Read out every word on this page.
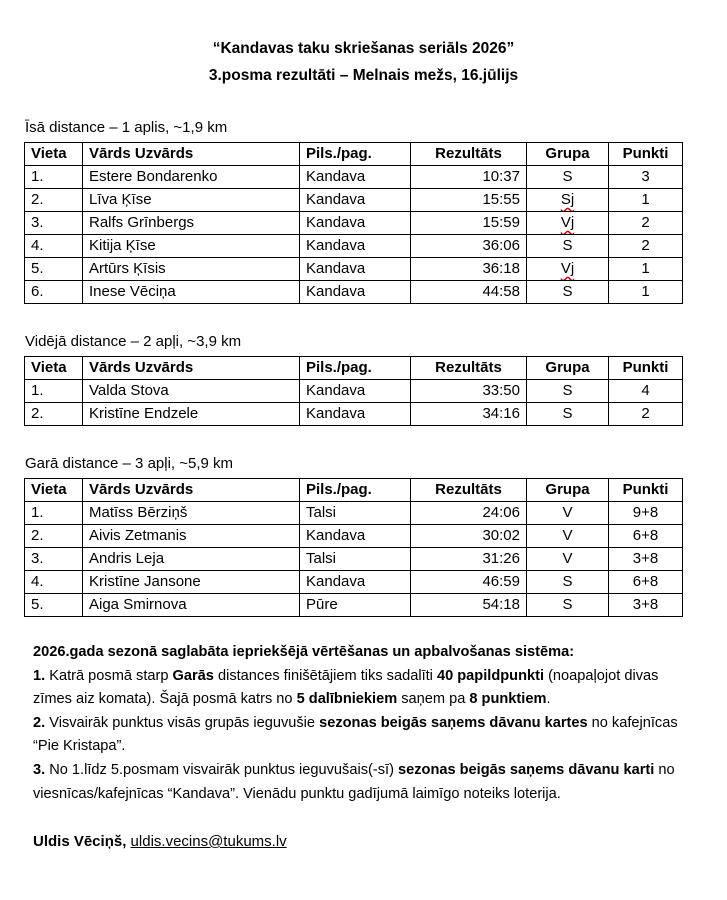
“Kandavas taku skriešanas seriāls 2026”
3.posma rezultāti – Melnais mežs, 16.jūlijs
Īsā distance – 1 aplis, ~1,9 km
Vieta	Vārds Uzvārds	Pils./pag.	Rezultāts	Grupa	Punkti
1.	Estere Bondarenko	Kandava	10:37	S	3
2.	Līva Ķīse	Kandava	15:55	Sj	1
3.	Ralfs Grīnbergs	Kandava	15:59	Vj	2
4.	Kitija Ķīse	Kandava	36:06	S	2
5.	Artūrs Ķīsis	Kandava	36:18	Vj	1
6.	Inese Vēciņa	Kandava	44:58	S	1
Vidējā distance – 2 apļi, ~3,9 km
Vieta	Vārds Uzvārds	Pils./pag.	Rezultāts	Grupa	Punkti
1.	Valda Stova	Kandava	33:50	S	4
2.	Kristīne Endzele	Kandava	34:16	S	2
Garā distance – 3 apļi, ~5,9 km
Vieta	Vārds Uzvārds	Pils./pag.	Rezultāts	Grupa	Punkti
1.	Matīss Bērziņš	Talsi	24:06	V	9+8
2.	Aivis Zetmanis	Kandava	30:02	V	6+8
3.	Andris Leja	Talsi	31:26	V	3+8
4.	Kristīne Jansone	Kandava	46:59	S	6+8
5.	Aiga Smirnova	Pūre	54:18	S	3+8

2026.gada sezonā saglabāta iepriekšējā vērtēšanas un apbalvošanas sistēma:

1. Katrā posmā starp Garās distances finišētājiem tiks sadalīti 40 papildpunkti (noapaļojot divas zīmes aiz komata). Šajā posmā katrs no 5 dalībniekiem saņem pa 8 punktiem.

2. Visvairāk punktus visās grupās ieguvušie sezonas beigās saņems dāvanu kartes no kafejnīcas “Pie Kristapa”.

3. No 1.līdz 5.posmam visvairāk punktus ieguvušais(-sī) sezonas beigās saņems dāvanu karti no viesnīcas/kafejnīcas “Kandava”. Vienādu punktu gadījumā laimīgo noteiks loterija.

Uldis Vēciņš, uldis.vecins@tukums.lv
